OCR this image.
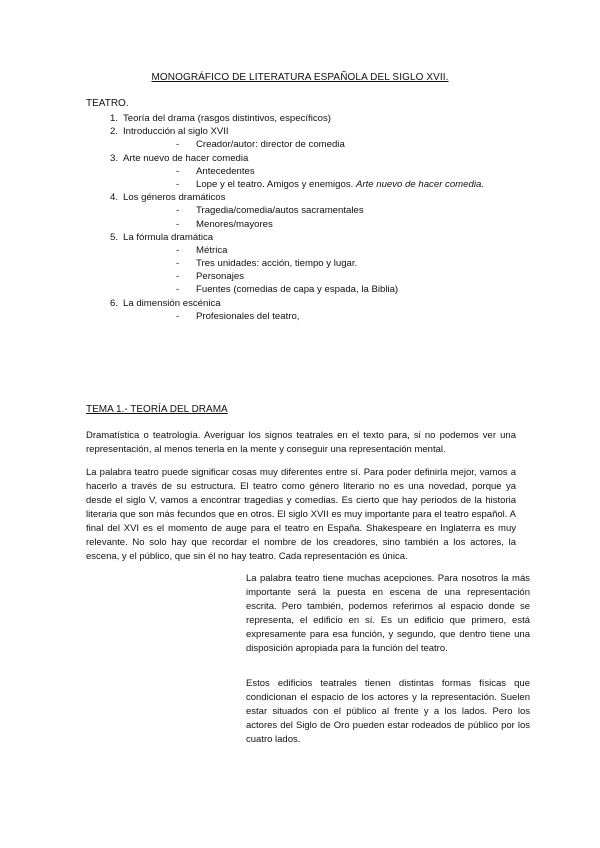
MONOGRÁFICO DE LITERATURA ESPAÑOLA DEL SIGLO XVII.
TEATRO.
1. Teoría del drama (rasgos distintivos, específicos)
2. Introducción al siglo XVII
- Creador/autor: director de comedia
3. Arte nuevo de hacer comedia
- Antecedentes
- Lope y el teatro. Amigos y enemigos. Arte nuevo de hacer comedia.
4. Los géneros dramáticos
- Tragedia/comedia/autos sacramentales
- Menores/mayores
5. La fórmula dramática
- Métrica
- Tres unidades: acción, tiempo y lugar.
- Personajes
- Fuentes (comedias de capa y espada, la Biblia)
6. La dimensión escénica
- Profesionales del teatro,
TEMA 1.- TEORÍA DEL DRAMA
Dramatística o teatrología. Averiguar los signos teatrales en el texto para, si no podemos ver una representación, al menos tenerla en la mente y conseguir una representación mental.
La palabra teatro puede significar cosas muy diferentes entre sí. Para poder definirla mejor, vamos a hacerlo a través de su estructura. El teatro como género literario no es una novedad, porque ya desde el siglo V, vamos a encontrar tragedias y comedias. Es cierto que hay periodos de la historia literaria que son más fecundos que en otros. El siglo XVII es muy importante para el teatro español. A final del XVI es el momento de auge para el teatro en España. Shakespeare en Inglaterra es muy relevante. No solo hay que recordar el nombre de los creadores, sino también a los actores, la escena, y el público, que sin él no hay teatro. Cada representación es única.
La palabra teatro tiene muchas acepciones. Para nosotros la más importante será la puesta en escena de una representación escrita. Pero también, podemos referirnos al espacio donde se representa, el edificio en sí. Es un edificio que primero, está expresamente para esa función, y segundo, que dentro tiene una disposición apropiada para la función del teatro.
Estos edificios teatrales tienen distintas formas físicas que condicionan el espacio de los actores y la representación. Suelen estar situados con el público al frente y a los lados. Pero los actores del Siglo de Oro pueden estar rodeados de público por los cuatro lados.
